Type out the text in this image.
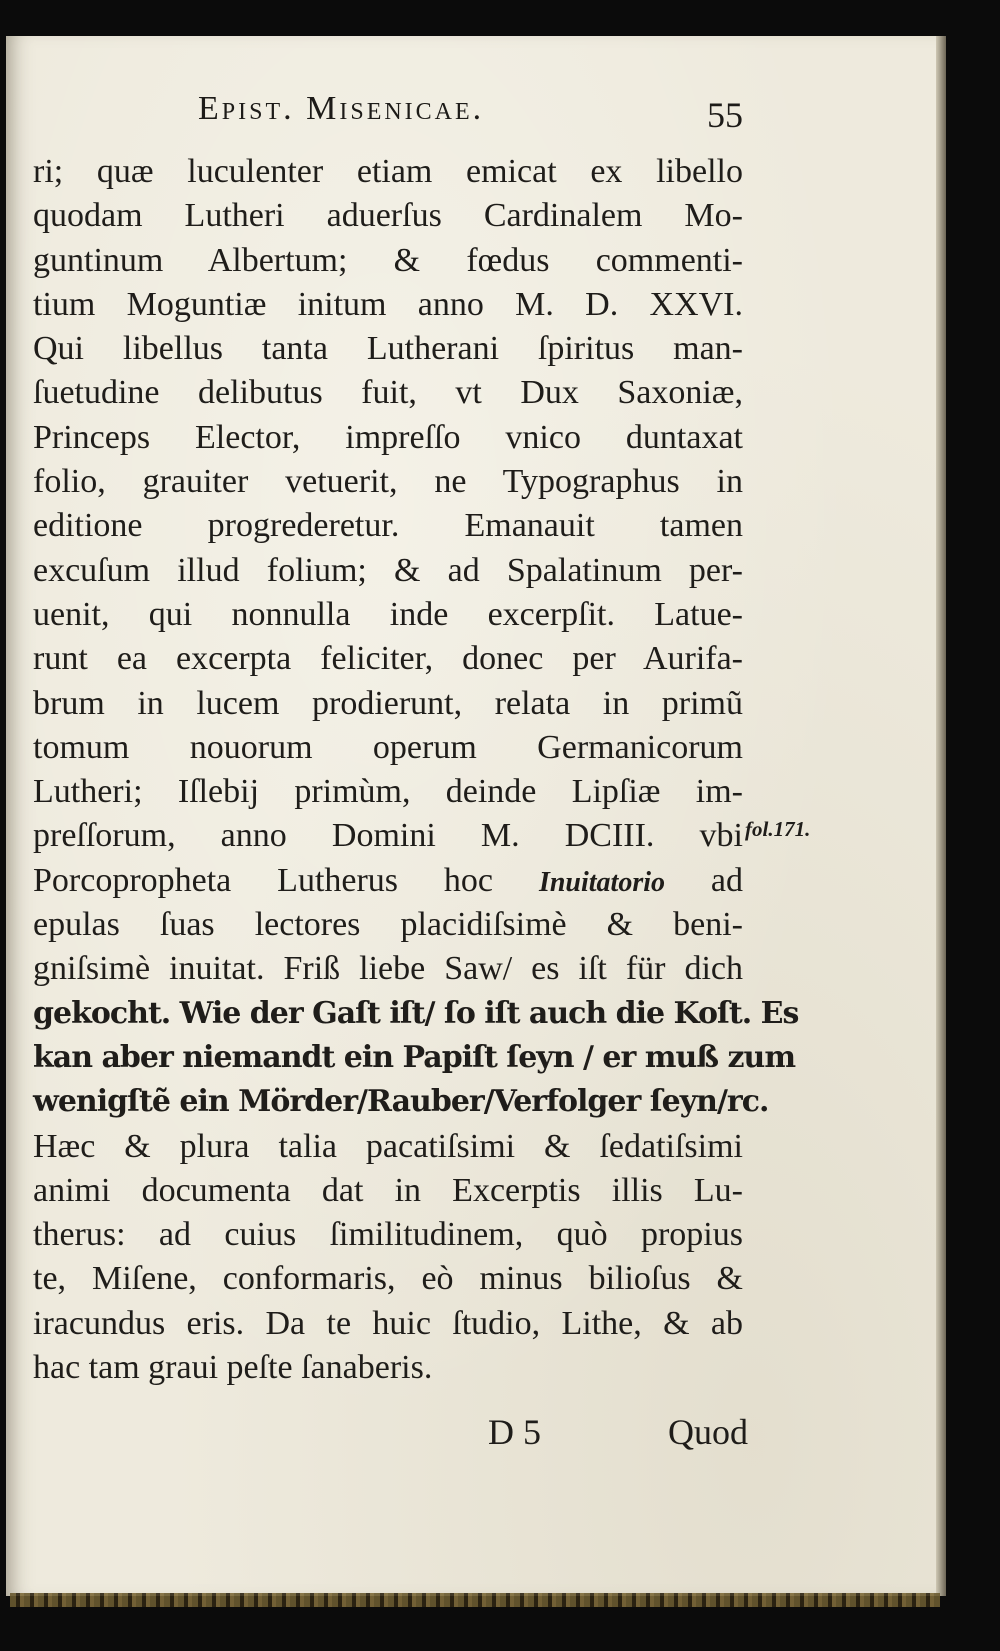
Epist. Misenicae.	55
ri; quæ luculenter etiam emicat ex libello
quodam Lutheri aduerſus Cardinalem Mo-
guntinum Albertum; & fœdus commenti-
tium Moguntiæ initum anno M. D. XXVI.
Qui libellus tanta Lutherani ſpiritus man-
ſuetudine delibutus fuit, vt Dux Saxoniæ,
Princeps Elector, impreſſo vnico duntaxat
folio, grauiter vetuerit, ne Typographus in
editione progrederetur. Emanauit tamen
excuſum illud folium; & ad Spalatinum per-
uenit, qui nonnulla inde excerpſit. Latue-
runt ea excerpta feliciter, donec per Aurifa-
brum in lucem prodierunt, relata in primũ
tomum nouorum operum Germanicorum
Lutheri; Iſlebij primùm, deinde Lipſiæ im-
preſſorum, anno Domini M. DCIII. vbi
Porcopropheta Lutherus hoc Inuitatorio ad
epulas ſuas lectores placidiſsimè & beni-
gniſsimè inuitat. Friß liebe Saw/ es iſt für dich
gekocht. Wie der Gaſt iſt/ ſo iſt auch die Koſt. Es
kan aber niemandt ein Papiſt ſeyn / er muß zum
wenigſtẽ ein Mörder/Rauber/Verfolger ſeyn/rc.
Hæc & plura talia pacatiſsimi & ſedatiſsimi
animi documenta dat in Excerptis illis Lu-
therus: ad cuius ſimilitudinem, quò propius
te, Miſene, conformaris, eò minus bilioſus &
iracundus eris. Da te huic ſtudio, Lithe, & ab
hac tam graui peſte ſanaberis.
fol.171.
D 5	Quod
